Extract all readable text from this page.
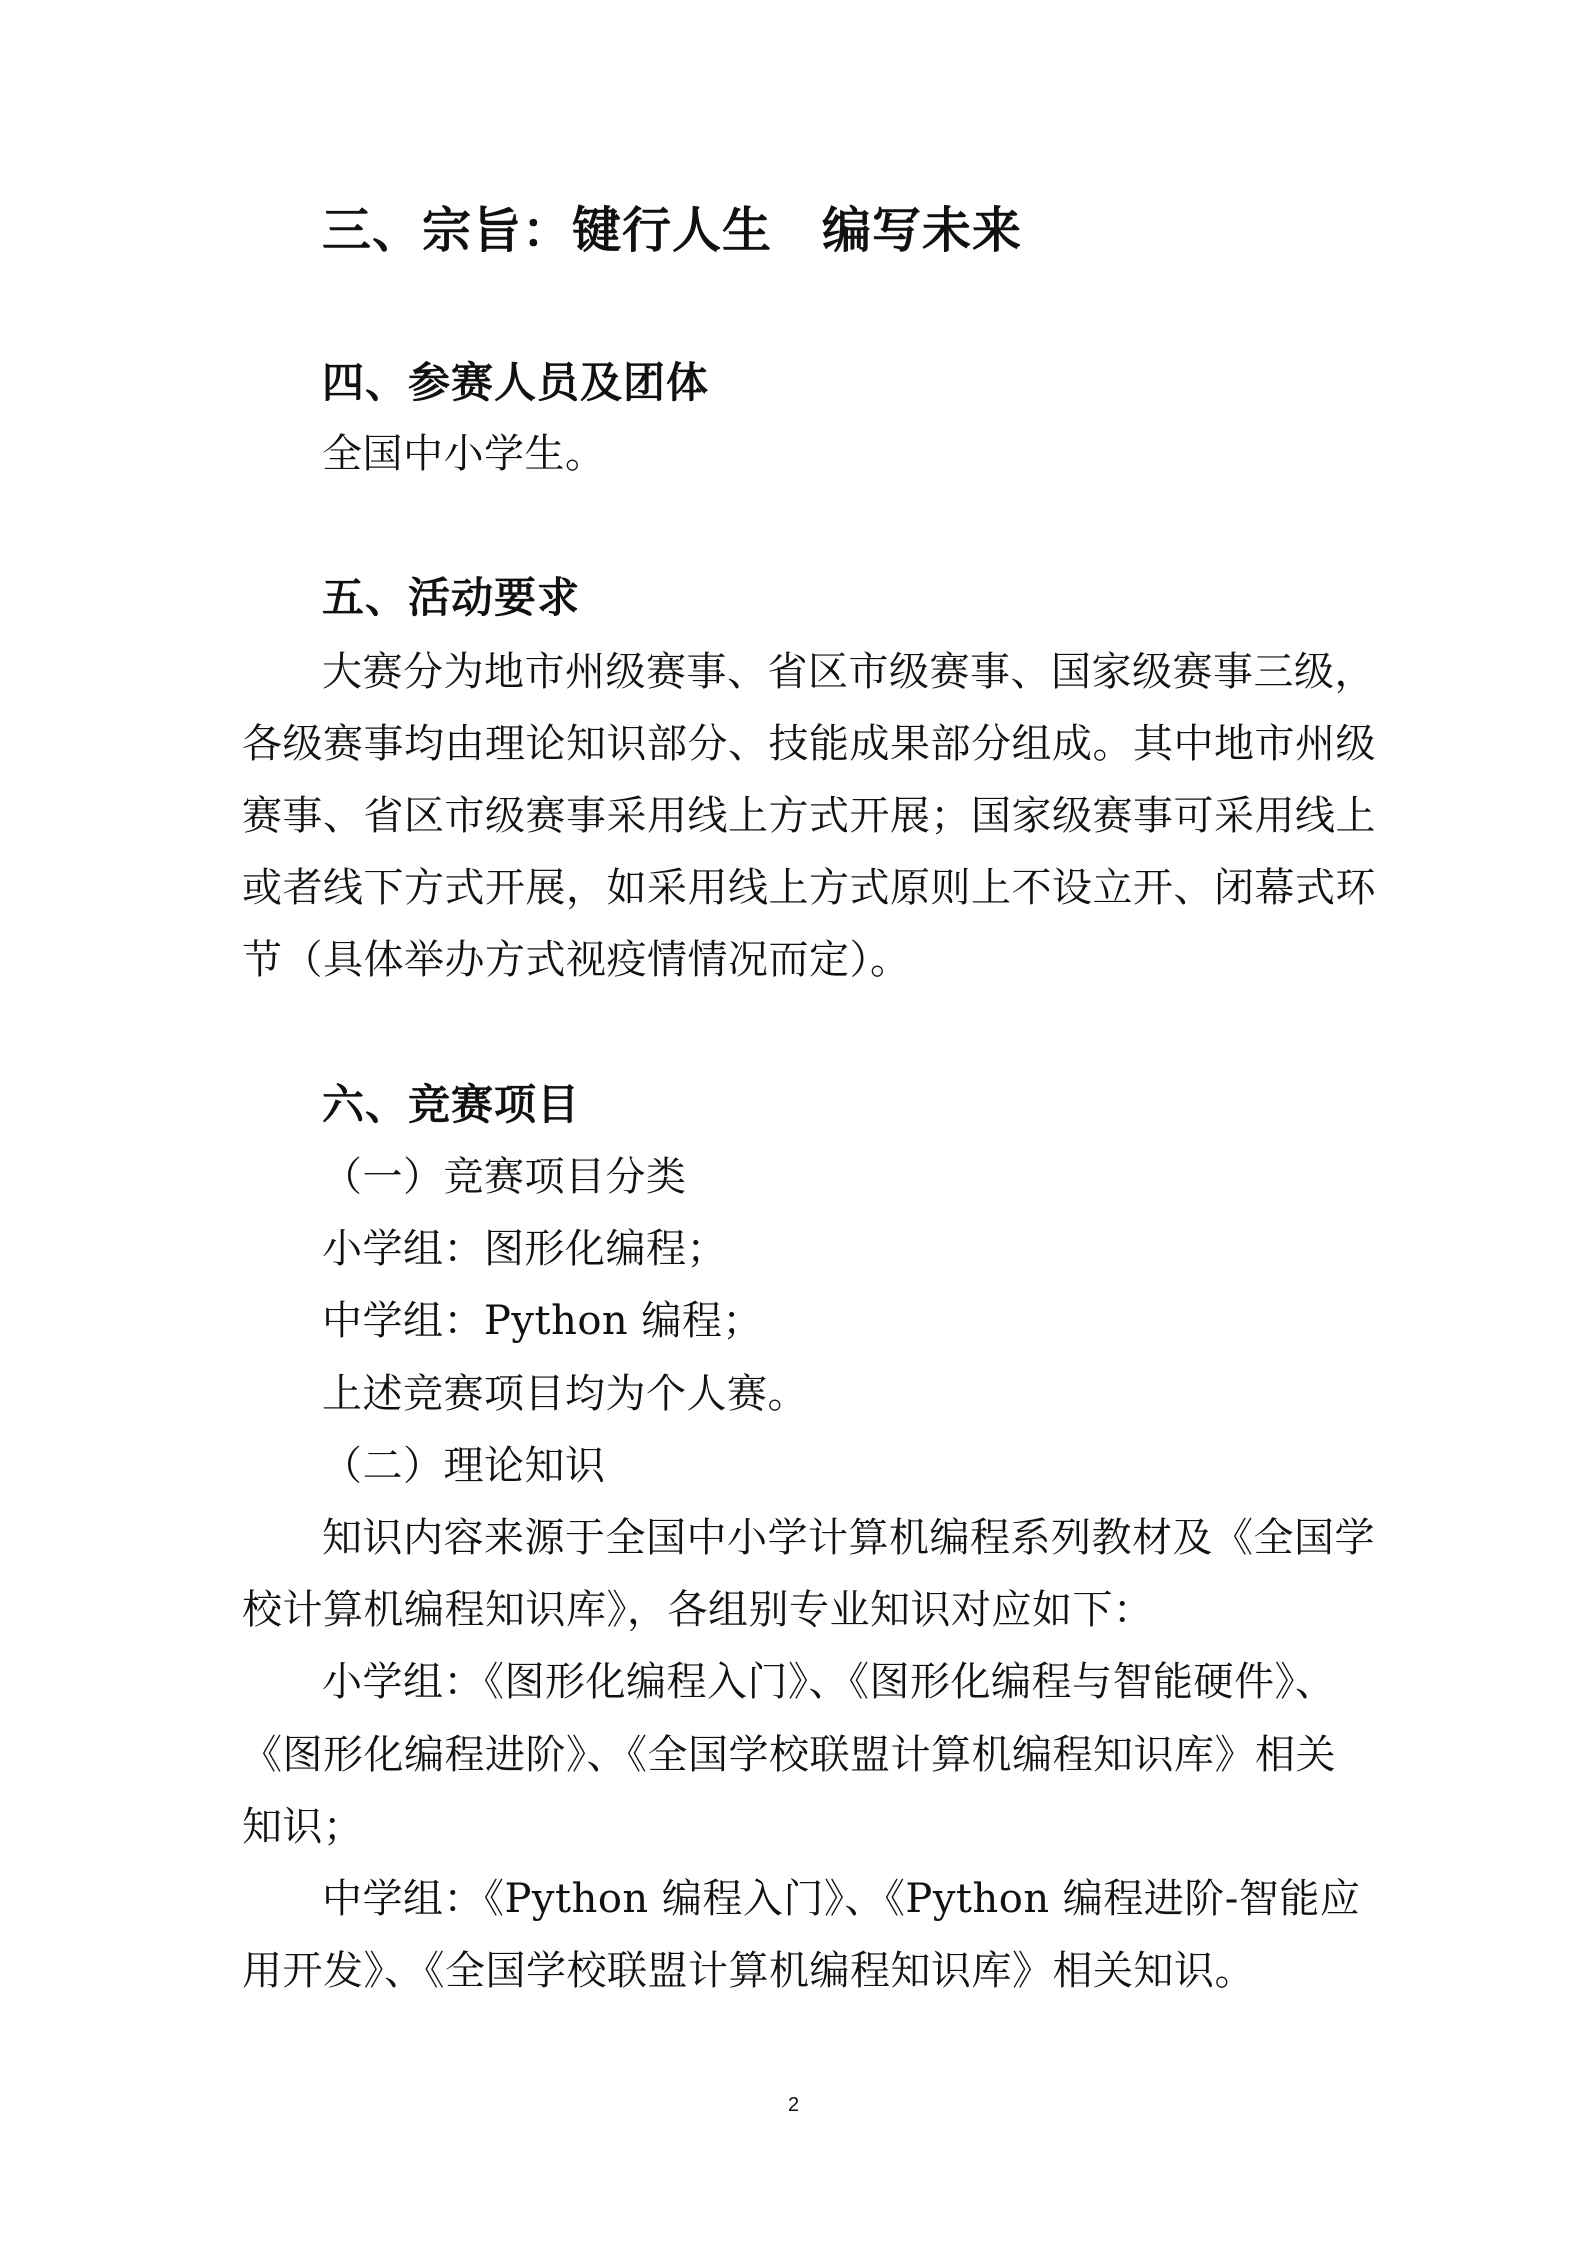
三、宗旨：键行人生　编写未来
四、参赛人员及团体
全国中小学生。
五、活动要求
大赛分为地市州级赛事、省区市级赛事、国家级赛事三级，
各级赛事均由理论知识部分、技能成果部分组成。其中地市州级
赛事、省区市级赛事采用线上方式开展；国家级赛事可采用线上
或者线下方式开展，如采用线上方式原则上不设立开、闭幕式环
节（具体举办方式视疫情情况而定）。
六、竞赛项目
（一）竞赛项目分类
小学组：图形化编程；
中学组：Python 编程；
上述竞赛项目均为个人赛。
（二）理论知识
知识内容来源于全国中小学计算机编程系列教材及《全国学
校计算机编程知识库》，各组别专业知识对应如下：
小学组：《图形化编程入门》、《图形化编程与智能硬件》、
《图形化编程进阶》、《全国学校联盟计算机编程知识库》相关
知识；
中学组：《Python 编程入门》、《Python 编程进阶-智能应
用开发》、《全国学校联盟计算机编程知识库》相关知识。
2
